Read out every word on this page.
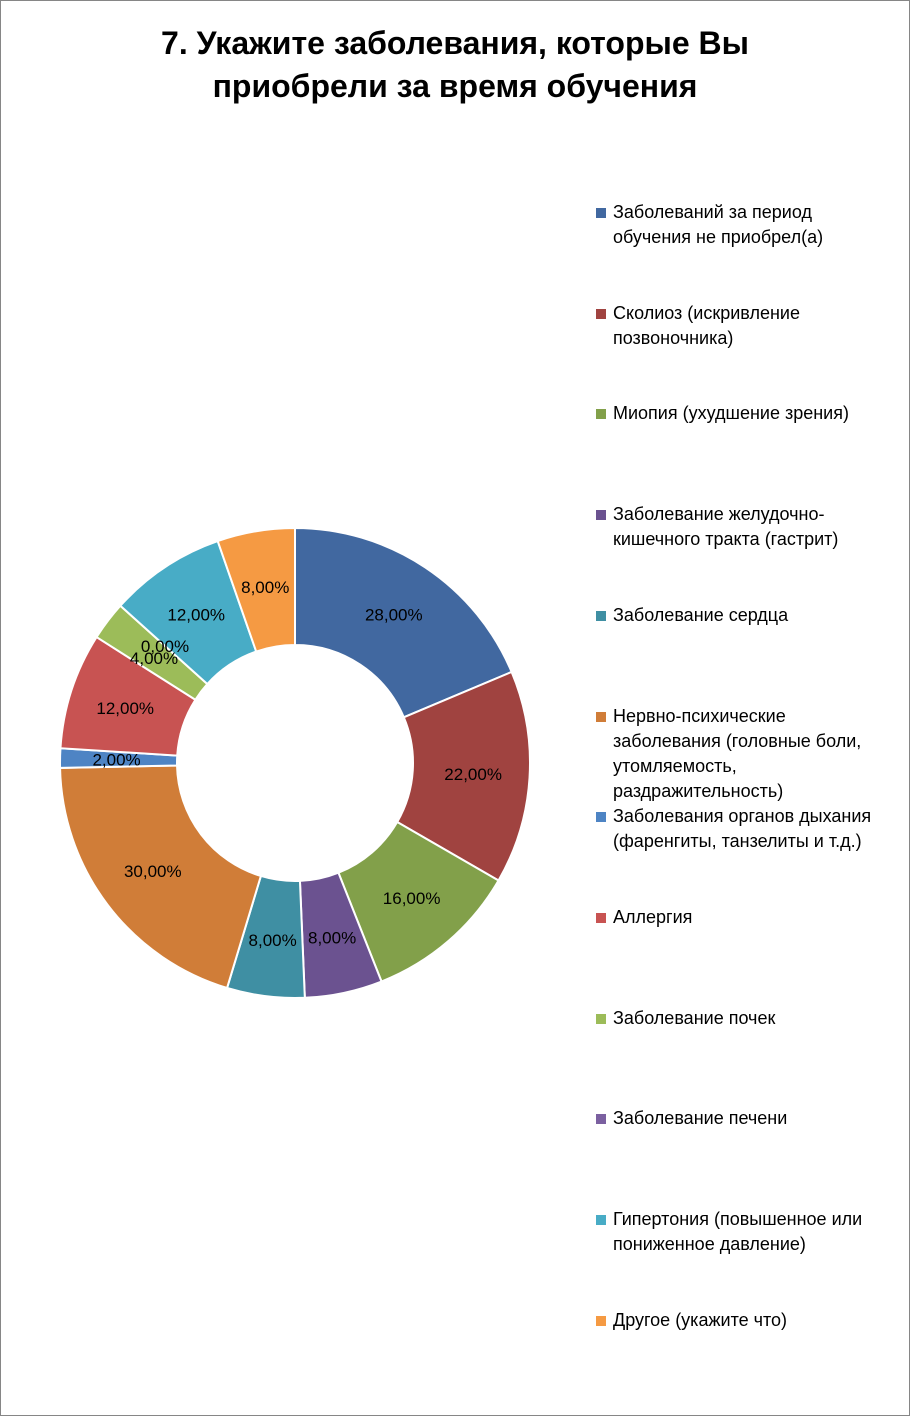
28,00%
22,00%
16,00%
8,00%
8,00%
30,00%
2,00%
12,00%
4,00%
0,00%
12,00%
8,00%
7. Укажите заболевания, которые Вы
приобрели за время обучения
Заболеваний за период
обучения не приобрел(а)
Сколиоз (искривление
позвоночника)
Миопия (ухудшение зрения)
Заболевание желудочно-
кишечного тракта (гастрит)
Заболевание сердца
Нервно-психические
заболевания (головные боли,
утомляемость,
раздражительность)
Заболевания органов дыхания
(фаренгиты, танзелиты и т.д.)
Аллергия
Заболевание почек
Заболевание печени
Гипертония (повышенное или
пониженное давление)
Другое (укажите что)
